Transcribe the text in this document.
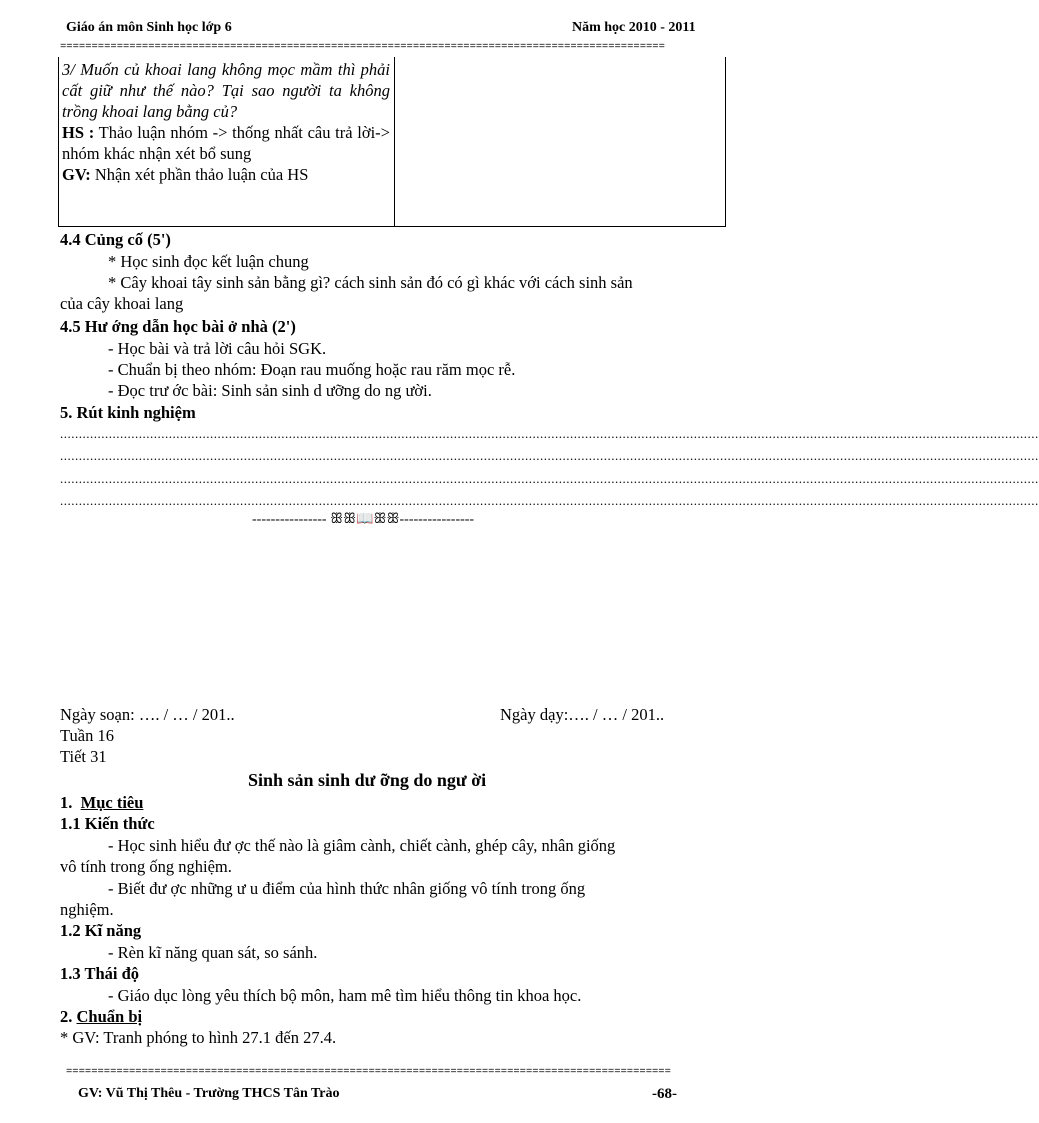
Giáo án môn Sinh học lớp 6	Năm học 2010 - 2011
================================================================================================
3/ Muốn củ khoai lang không mọc mầm thì phải cất giữ như thế nào? Tại sao người ta không trồng khoai lang bằng củ?
HS : Thảo luận nhóm -> thống nhất câu trả lời-> nhóm khác nhận xét bổ sung
GV: Nhận xét phần thảo luận của HS
4.4 Củng cố (5')
* Học sinh đọc kết luận chung
* Cây khoai tây sinh sản bằng gì? cách sinh sản đó có gì khác với cách sinh sản
của cây khoai lang
4.5 Hư ớng dẫn học bài ở nhà (2')
- Học bài và trả lời câu hỏi SGK.
- Chuẩn bị theo nhóm: Đoạn rau muống hoặc rau răm mọc rễ.
- Đọc trư ớc bài: Sinh sản sinh d ưỡng do ng ười.
5. Rút kinh nghiệm
.....................................................................................................................................................................................................................................................................
.....................................................................................................................................................................................................................................................................
.....................................................................................................................................................................................................................................................................
.....................................................................................................................................................................................................................................................................
---------------- ꕥꕥ📖ꕥꕥ----------------
Ngày soạn: …. / … / 201..	Ngày dạy:…. / … / 201..
Tuần 16
Tiết 31
Sinh sản sinh dư ỡng do ngư ời
1. Mục tiêu
1.1 Kiến thức
- Học sinh hiểu đư ợc thế nào là giâm cành, chiết cành, ghép cây, nhân giống
vô tính trong ống nghiệm.
- Biết đư ợc những ư u điểm của hình thức nhân giống vô tính trong ống
nghiệm.
1.2 Kĩ năng
- Rèn kĩ năng quan sát, so sánh.
1.3 Thái độ
- Giáo dục lòng yêu thích bộ môn, ham mê tìm hiểu thông tin khoa học.
2. Chuẩn bị
* GV: Tranh phóng to hình 27.1 đến 27.4.
================================================================================================
GV: Vũ Thị Thêu - Trường THCS Tân Trào	-68-
